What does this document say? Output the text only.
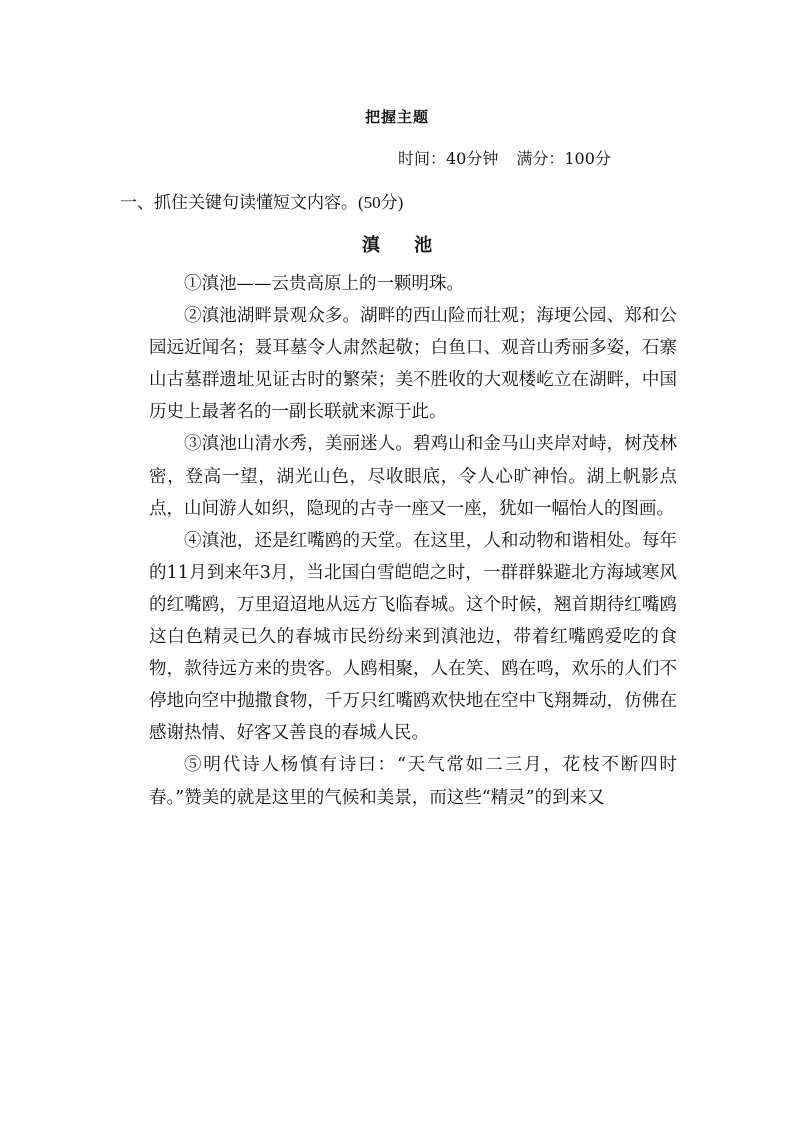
把握主题
时间：40分钟 满分：100分
一、抓住关键句读懂短文内容。(50分)
滇 池

①滇池——云贵高原上的一颗明珠。

②滇池湖畔景观众多。湖畔的西山险而壮观；海埂公园、郑和公园远近闻名；聂耳墓令人肃然起敬；白鱼口、观音山秀丽多姿，石寨山古墓群遗址见证古时的繁荣；美不胜收的大观楼屹立在湖畔，中国历史上最著名的一副长联就来源于此。

③滇池山清水秀，美丽迷人。碧鸡山和金马山夹岸对峙，树茂林密，登高一望，湖光山色，尽收眼底，令人心旷神怡。湖上帆影点点，山间游人如织，隐现的古寺一座又一座，犹如一幅怡人的图画。

④滇池，还是红嘴鸥的天堂。在这里，人和动物和谐相处。每年的11月到来年3月，当北国白雪皑皑之时，一群群躲避北方海域寒风的红嘴鸥，万里迢迢地从远方飞临春城。这个时候，翘首期待红嘴鸥这白色精灵已久的春城市民纷纷来到滇池边，带着红嘴鸥爱吃的食物，款待远方来的贵客。人鸥相聚，人在笑、鸥在鸣，欢乐的人们不停地向空中抛撒食物，千万只红嘴鸥欢快地在空中飞翔舞动，仿佛在感谢热情、好客又善良的春城人民。

⑤明代诗人杨慎有诗曰：“天气常如二三月，花枝不断四时春。”赞美的就是这里的气候和美景，而这些“精灵”的到来又
